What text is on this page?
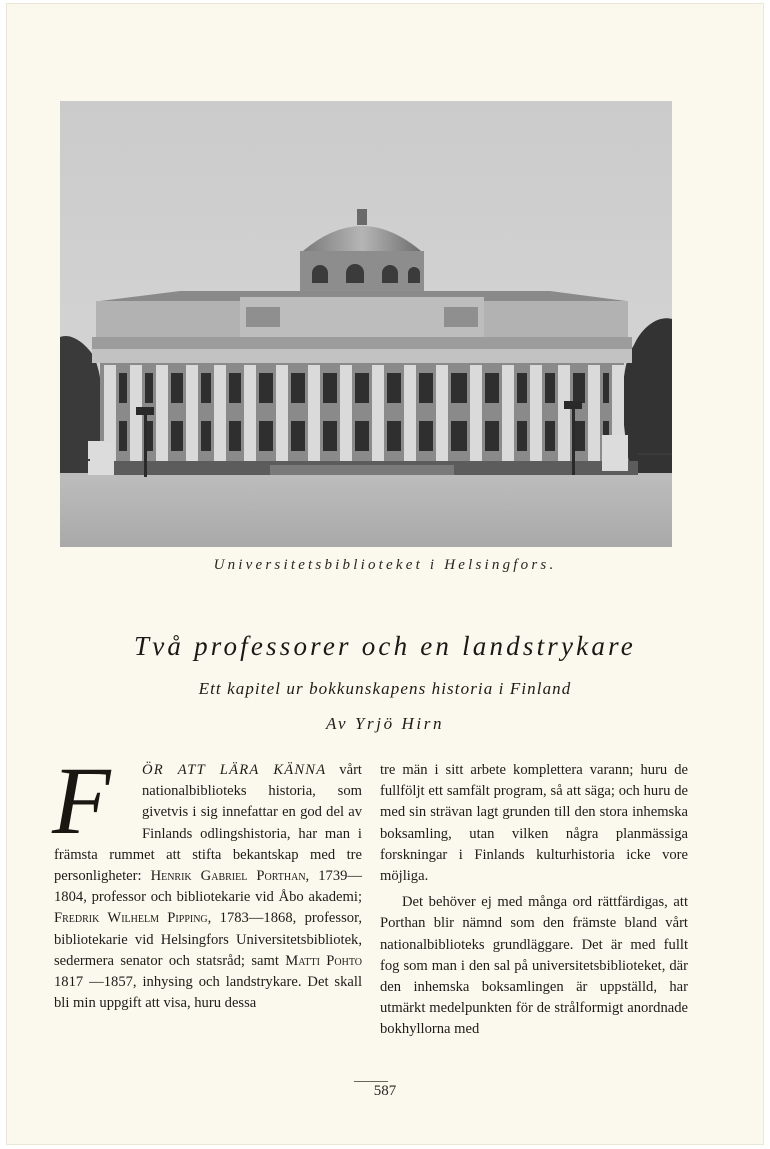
Universitetsbiblioteket i Helsingfors.
Två professorer och en landstrykare
Ett kapitel ur bokkunskapens historia i Finland
Av Yrjö Hirn

F	ÖR ATT LÄRA KÄNNA vårt nationalbiblioteks historia, som givetvis i sig innefattar en god del av Finlands odlingshistoria, har man i främsta rummet att stifta bekantskap med tre personligheter: Henrik Gabriel Porthan, 1739—1804, professor och bibliotekarie vid Åbo akademi; Fredrik Wilhelm Pipping, 1783—1868, professor, bibliotekarie vid Helsingfors Universitetsbibliotek, sedermera senator och statsråd; samt Matti Pohto 1817 —1857, inhysing och landstrykare. Det skall bli min uppgift att visa, huru dessa

tre män i sitt arbete komplettera varann; huru de fullföljt ett samfält program, så att säga; och huru de med sin strävan lagt grunden till den stora inhemska boksamling, utan vilken några planmässiga forskningar i Finlands kulturhistoria icke vore möjliga.

Det behöver ej med många ord rättfärdigas, att Porthan blir nämnd som den främste bland vårt nationalbiblioteks grundläggare. Det är med fullt fog som man i den sal på universitetsbiblioteket, där den inhemska boksamlingen är uppställd, har utmärkt medelpunkten för de strålformigt anordnade bokhyllorna med

587
